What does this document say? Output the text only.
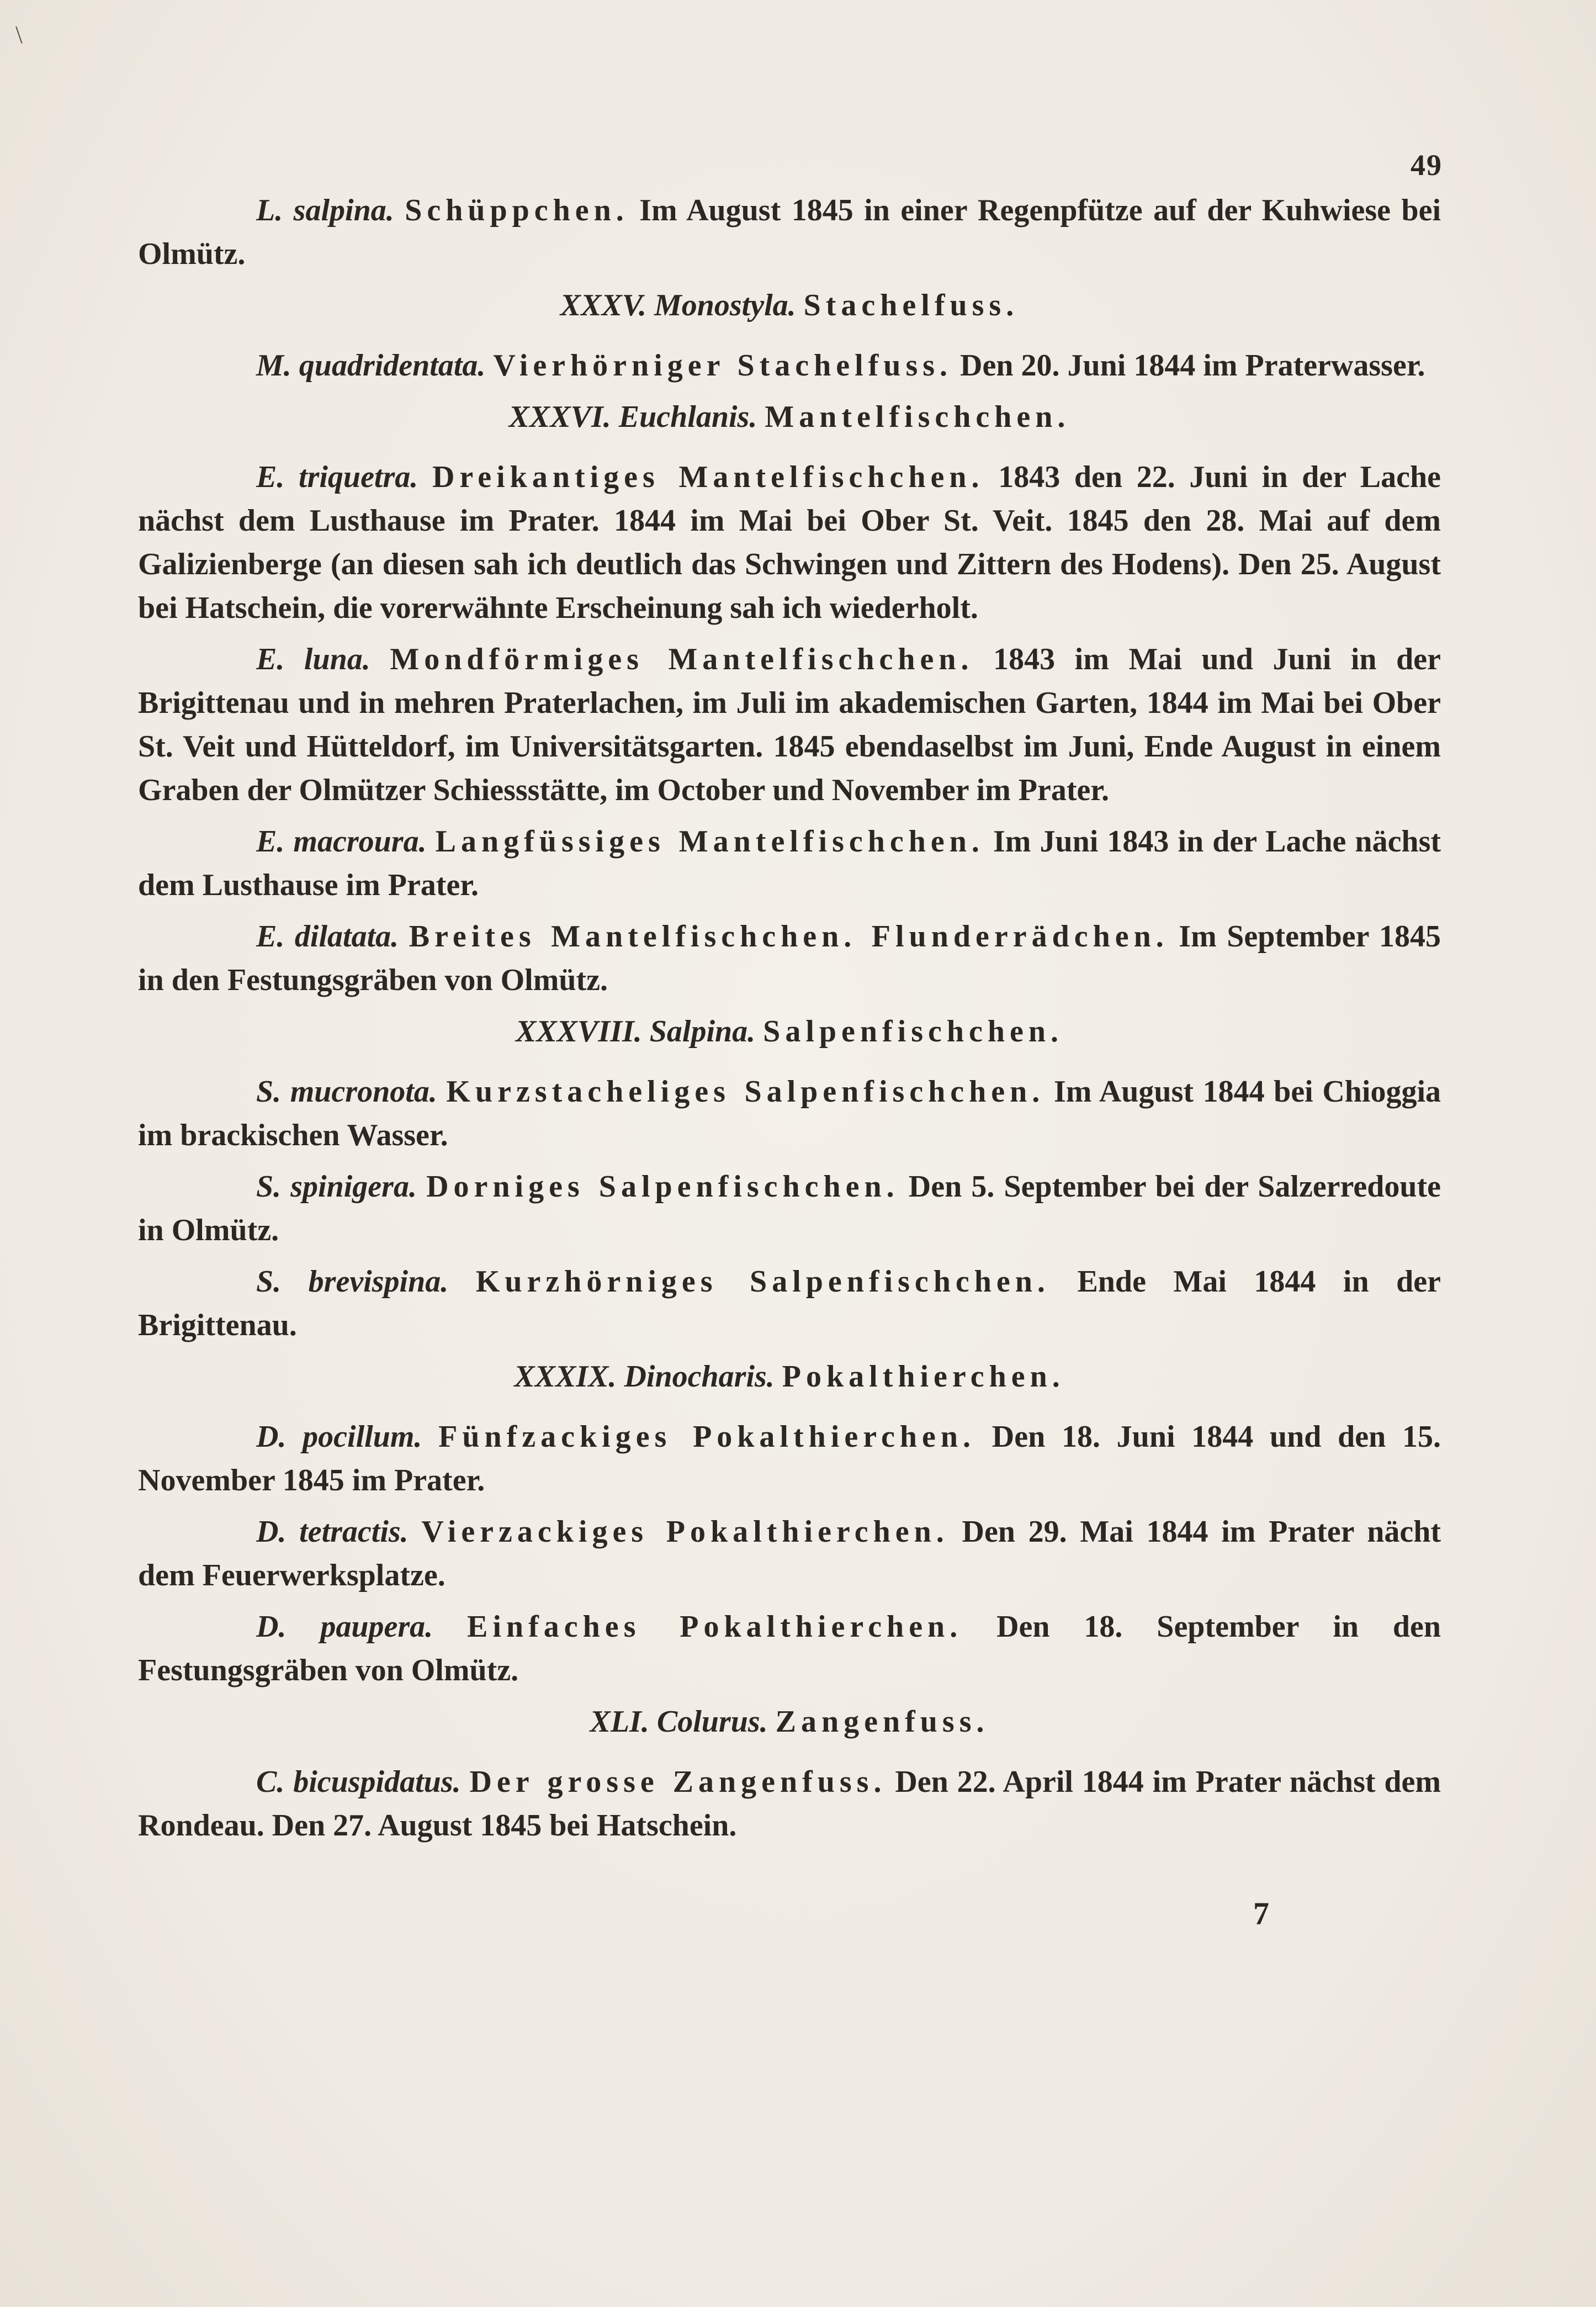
\
49

L. salpina. Schüppchen. Im August 1845 in einer Regenpfütze auf der Kuhwiese bei Olmütz.

XXXV. Monostyla. Stachelfuss.

M. quadridentata. Vierhörniger Stachelfuss. Den 20. Juni 1844 im Praterwasser.

XXXVI. Euchlanis. Mantelfischchen.

E. triquetra. Dreikantiges Mantelfischchen. 1843 den 22. Juni in der Lache nächst dem Lusthause im Prater. 1844 im Mai bei Ober St. Veit. 1845 den 28. Mai auf dem Galizienberge (an diesen sah ich deutlich das Schwingen und Zittern des Hodens). Den 25. August bei Hatschein, die vorerwähnte Erscheinung sah ich wiederholt.

E. luna. Mondförmiges Mantelfischchen. 1843 im Mai und Juni in der Brigittenau und in mehren Praterlachen, im Juli im akademischen Garten, 1844 im Mai bei Ober St. Veit und Hütteldorf, im Universitätsgarten. 1845 ebendaselbst im Juni, Ende August in einem Graben der Olmützer Schiessstätte, im October und November im Prater.

E. macroura. Langfüssiges Mantelfischchen. Im Juni 1843 in der Lache nächst dem Lusthause im Prater.

E. dilatata. Breites Mantelfischchen. Flunderrädchen. Im September 1845 in den Festungsgräben von Olmütz.

XXXVIII. Salpina. Salpenfischchen.

S. mucronota. Kurzstacheliges Salpenfischchen. Im August 1844 bei Chioggia im brackischen Wasser.

S. spinigera. Dorniges Salpenfischchen. Den 5. September bei der Salzerredoute in Olmütz.

S. brevispina. Kurzhörniges Salpenfischchen. Ende Mai 1844 in der Brigittenau.

XXXIX. Dinocharis. Pokalthierchen.

D. pocillum. Fünfzackiges Pokalthierchen. Den 18. Juni 1844 und den 15. November 1845 im Prater.

D. tetractis. Vierzackiges Pokalthierchen. Den 29. Mai 1844 im Prater nächt dem Feuerwerksplatze.

D. paupera. Einfaches Pokalthierchen. Den 18. September in den Festungsgräben von Olmütz.

XLI. Colurus. Zangenfuss.

C. bicuspidatus. Der grosse Zangenfuss. Den 22. April 1844 im Prater nächst dem Rondeau. Den 27. August 1845 bei Hatschein.

7
